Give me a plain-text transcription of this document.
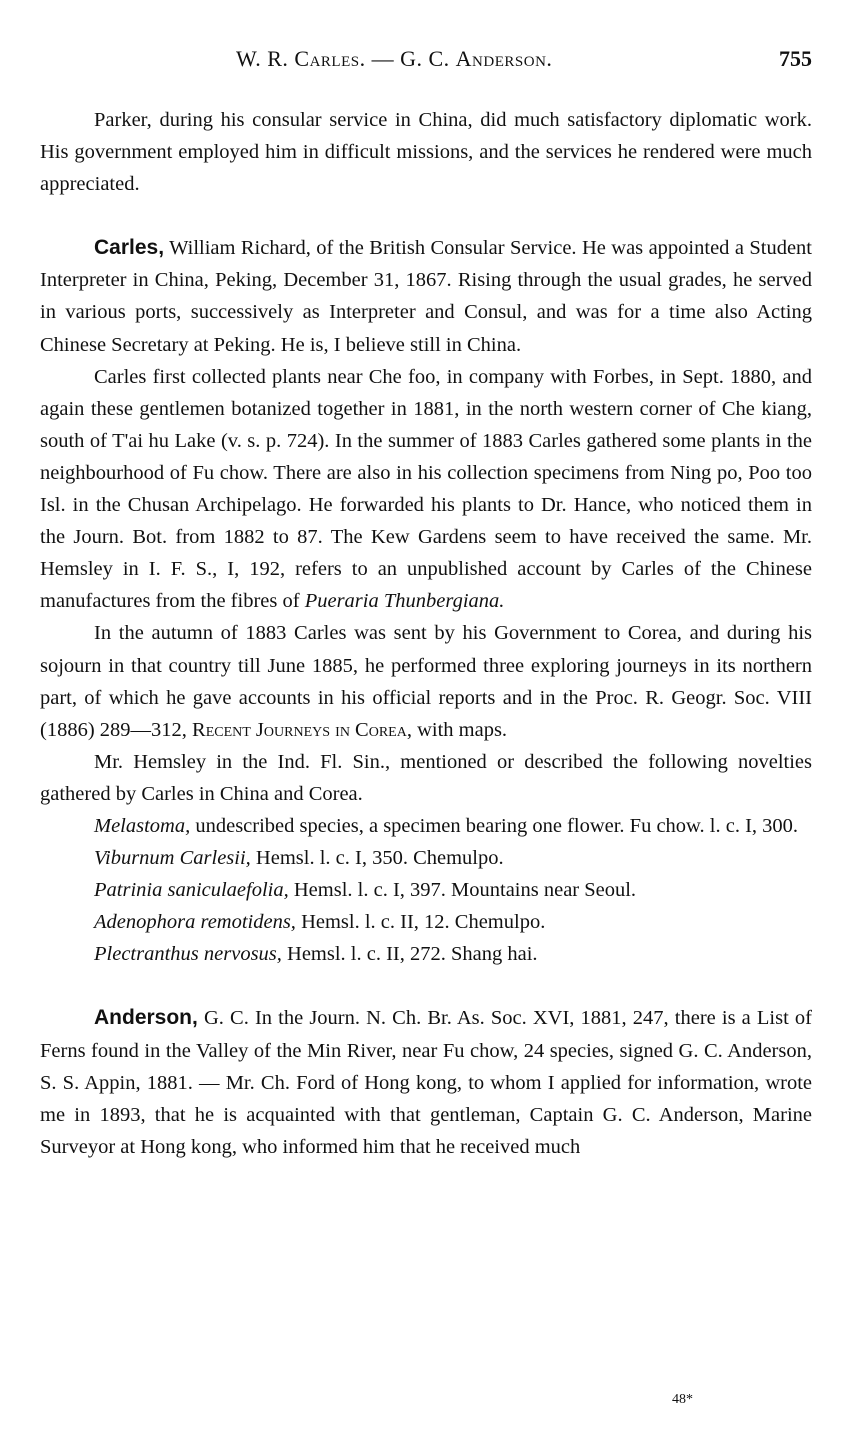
W. R. Carles. — G. C. Anderson.	755

Parker, during his consular service in China, did much satisfactory diplomatic work. His government employed him in difficult missions, and the services he rendered were much appreciated.

Carles, William Richard, of the British Consular Service. He was appointed a Student Interpreter in China, Peking, December 31, 1867. Rising through the usual grades, he served in various ports, successively as Interpreter and Consul, and was for a time also Acting Chinese Secretary at Peking. He is, I believe still in China.

Carles first collected plants near Che foo, in company with Forbes, in Sept. 1880, and again these gentlemen botanized together in 1881, in the north western corner of Che kiang, south of T'ai hu Lake (v. s. p. 724). In the summer of 1883 Carles gathered some plants in the neighbourhood of Fu chow. There are also in his collection specimens from Ning po, Poo too Isl. in the Chusan Archipelago. He forwarded his plants to Dr. Hance, who noticed them in the Journ. Bot. from 1882 to 87. The Kew Gardens seem to have received the same. Mr. Hemsley in I. F. S., I, 192, refers to an unpublished account by Carles of the Chinese manufactures from the fibres of Pueraria Thunbergiana.

In the autumn of 1883 Carles was sent by his Government to Corea, and during his sojourn in that country till June 1885, he performed three exploring journeys in its northern part, of which he gave accounts in his official reports and in the Proc. R. Geogr. Soc. VIII (1886) 289—312, Recent Journeys in Corea, with maps.

Mr. Hemsley in the Ind. Fl. Sin., mentioned or described the following novelties gathered by Carles in China and Corea.

Melastoma, undescribed species, a specimen bearing one flower. Fu chow. l. c. I, 300.

Viburnum Carlesii, Hemsl. l. c. I, 350. Chemulpo.

Patrinia saniculaefolia, Hemsl. l. c. I, 397. Mountains near Seoul.

Adenophora remotidens, Hemsl. l. c. II, 12. Chemulpo.

Plectranthus nervosus, Hemsl. l. c. II, 272. Shang hai.

Anderson, G. C. In the Journ. N. Ch. Br. As. Soc. XVI, 1881, 247, there is a List of Ferns found in the Valley of the Min River, near Fu chow, 24 species, signed G. C. Anderson, S. S. Appin, 1881. — Mr. Ch. Ford of Hong kong, to whom I applied for information, wrote me in 1893, that he is acquainted with that gentleman, Captain G. C. Anderson, Marine Surveyor at Hong kong, who informed him that he received much

48*
